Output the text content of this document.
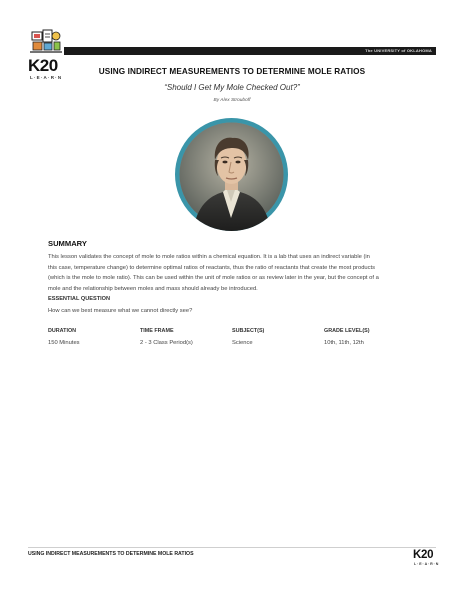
K20
L·E·A·R·N
The UNIVERSITY of OKLAHOMA
USING INDIRECT MEASUREMENTS TO DETERMINE MOLE RATIOS
“Should I Get My Mole Checked Out?”
By Alex Strouboff
SUMMARY
This lesson validates the concept of mole to mole ratios within a chemical equation. It is a lab that uses an indirect variable (in
this case, temperature change) to determine optimal ratios of reactants, thus the ratio of reactants that create the most products
(which is the mole to mole ratio). This can be used within the unit of mole ratios or as review later in the year, but the concept of a
mole and the relationship between moles and mass should already be introduced.
ESSENTIAL QUESTION
How can we best measure what we cannot directly see?
DURATION
150 Minutes
TIME FRAME
2 - 3 Class Period(s)
SUBJECT(S)
Science
GRADE LEVEL(S)
10th, 11th, 12th
USING INDIRECT MEASUREMENTS TO DETERMINE MOLE RATIOS	K20
L·E·A·R·N
